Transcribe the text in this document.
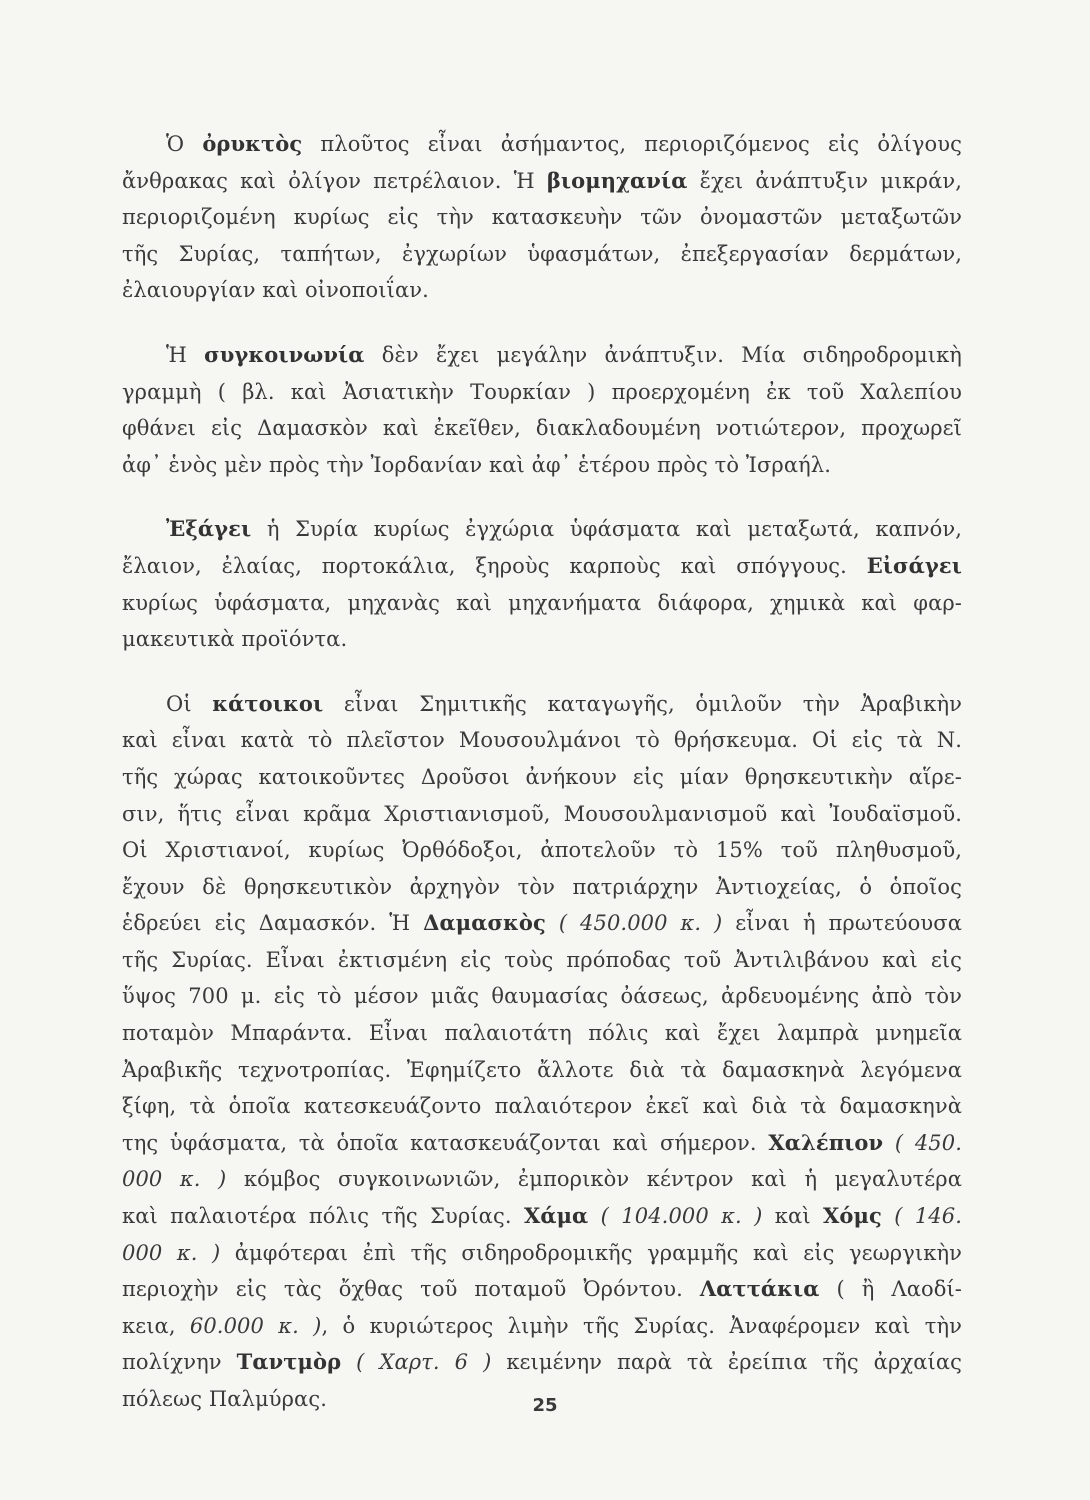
Ὁ ὀρυκτὸς πλοῦτος εἶναι ἀσήμαντος, περιοριζόμενος εἰς ὀλίγους
ἄνθρακας καὶ ὀλίγον πετρέλαιον. Ἡ βιομηχανία ἔχει ἀνάπτυξιν μικράν,
περιοριζομένη κυρίως εἰς τὴν κατασκευὴν τῶν ὀνομαστῶν μεταξωτῶν
τῆς Συρίας, ταπήτων, ἐγχωρίων ὑφασμάτων, ἐπεξεργασίαν δερμάτων,
ἐλαιουργίαν καὶ οἰνοποιΐαν.
Ἡ συγκοινωνία δὲν ἔχει μεγάλην ἀνάπτυξιν. Μία σιδηροδρομικὴ
γραμμὴ ( βλ. καὶ Ἀσιατικὴν Τουρκίαν ) προερχομένη ἐκ τοῦ Χαλεπίου
φθάνει εἰς Δαμασκὸν καὶ ἐκεῖθεν, διακλαδουμένη νοτιώτερον, προχωρεῖ
ἀφ᾽ ἑνὸς μὲν πρὸς τὴν Ἰορδανίαν καὶ ἀφ᾽ ἑτέρου πρὸς τὸ Ἰσραήλ.
Ἐξάγει ἡ Συρία κυρίως ἐγχώρια ὑφάσματα καὶ μεταξωτά, καπνόν,
ἔλαιον, ἐλαίας, πορτοκάλια, ξηροὺς καρποὺς καὶ σπόγγους. Εἰσάγει
κυρίως ὑφάσματα, μηχανὰς καὶ μηχανήματα διάφορα, χημικὰ καὶ φαρ-
μακευτικὰ προϊόντα.
Οἱ κάτοικοι εἶναι Σημιτικῆς καταγωγῆς, ὁμιλοῦν τὴν Ἀραβικὴν
καὶ εἶναι κατὰ τὸ πλεῖστον Μουσουλμάνοι τὸ θρήσκευμα. Οἱ εἰς τὰ Ν.
τῆς χώρας κατοικοῦντες Δροῦσοι ἀνήκουν εἰς μίαν θρησκευτικὴν αἵρε-
σιν, ἥτις εἶναι κρᾶμα Χριστιανισμοῦ, Μουσουλμανισμοῦ καὶ Ἰουδαϊσμοῦ.
Οἱ Χριστιανοί, κυρίως Ὀρθόδοξοι, ἀποτελοῦν τὸ 15% τοῦ πληθυσμοῦ,
ἔχουν δὲ θρησκευτικὸν ἀρχηγὸν τὸν πατριάρχην Ἀντιοχείας, ὁ ὁποῖος
ἑδρεύει εἰς Δαμασκόν. Ἡ Δαμασκὸς ( 450.000 κ. ) εἶναι ἡ πρωτεύουσα
τῆς Συρίας. Εἶναι ἐκτισμένη εἰς τοὺς πρόποδας τοῦ Ἀντιλιβάνου καὶ εἰς
ὕψος 700 μ. εἰς τὸ μέσον μιᾶς θαυμασίας ὀάσεως, ἀρδευομένης ἀπὸ τὸν
ποταμὸν Μπαράντα. Εἶναι παλαιοτάτη πόλις καὶ ἔχει λαμπρὰ μνημεῖα
Ἀραβικῆς τεχνοτροπίας. Ἐφημίζετο ἄλλοτε διὰ τὰ δαμασκηνὰ λεγόμενα
ξίφη, τὰ ὁποῖα κατεσκευάζοντο παλαιότερον ἐκεῖ καὶ διὰ τὰ δαμασκηνὰ
της ὑφάσματα, τὰ ὁποῖα κατασκευάζονται καὶ σήμερον. Χαλέπιον ( 450.
000 κ. ) κόμβος συγκοινωνιῶν, ἐμπορικὸν κέντρον καὶ ἡ μεγαλυτέρα
καὶ παλαιοτέρα πόλις τῆς Συρίας. Χάμα ( 104.000 κ. ) καὶ Χόμς ( 146.
000 κ. ) ἀμφότεραι ἐπὶ τῆς σιδηροδρομικῆς γραμμῆς καὶ εἰς γεωργικὴν
περιοχὴν εἰς τὰς ὄχθας τοῦ ποταμοῦ Ὀρόντου. Λαττάκια ( ἢ Λαοδί-
κεια, 60.000 κ. ), ὁ κυριώτερος λιμὴν τῆς Συρίας. Ἀναφέρομεν καὶ τὴν
πολίχνην Ταντμὸρ ( Χαρτ. 6 ) κειμένην παρὰ τὰ ἐρείπια τῆς ἀρχαίας
πόλεως Παλμύρας.	25
